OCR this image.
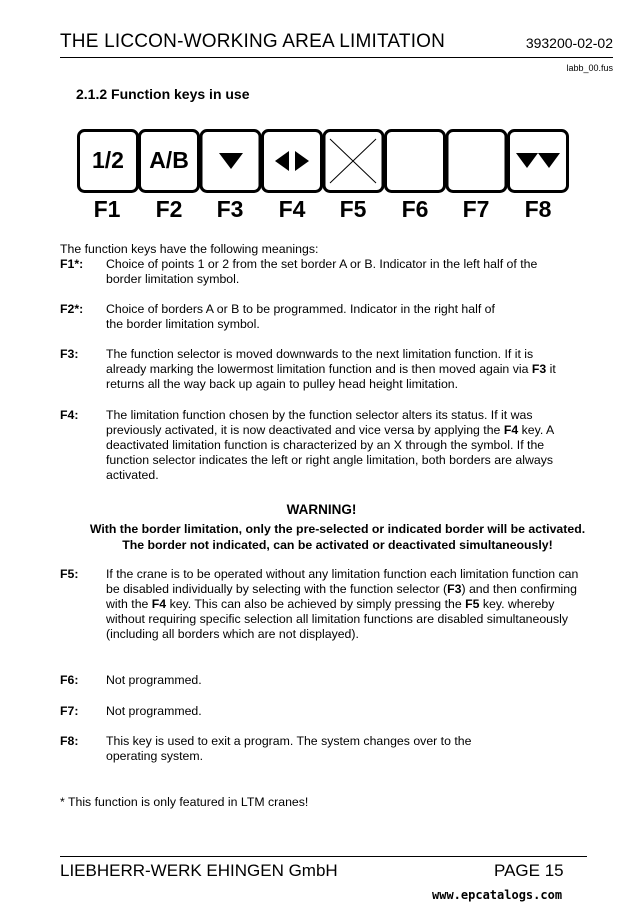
THE LICCON-WORKING AREA LIMITATION	393200-02-02
labb_00.fus
2.1.2 Function keys in use
1/2 A/B
F1	F2	F3	F4	F5	F6	F7	F8
The function keys have the following meanings:
F1*:	Choice of points 1 or 2 from the set border A or B. Indicator in the left half of the border limitation symbol.
F2*:	Choice of borders A or B to be programmed. Indicator in the right half of the border limitation symbol.
F3:	The function selector is moved downwards to the next limitation function. If it is already marking the lowermost limitation function and is then moved again via F3 it returns all the way back up again to pulley head height limitation.
F4:	The limitation function chosen by the function selector alters its status. If it was previously activated, it is now deactivated and vice versa by applying the F4 key. A deactivated limitation function is characterized by an X through the symbol. If the function selector indicates the left or right angle limitation, both borders are always activated.
WARNING!
With the border limitation, only the pre-selected or indicated border will be activated.
The border not indicated, can be activated or deactivated simultaneously!
F5:	If the crane is to be operated without any limitation function each limitation function can be disabled individually by selecting with the function selector (F3) and then confirming with the F4 key. This can also be achieved by simply pressing the F5 key. whereby without requiring specific selection all limitation functions are disabled simultaneously (including all borders which are not displayed).
F6:	Not programmed.
F7:	Not programmed.
F8:	This key is used to exit a program. The system changes over to the operating system.
* This function is only featured in LTM cranes!
LIEBHERR-WERK EHINGEN GmbH	PAGE 15
www.epcatalogs.com
